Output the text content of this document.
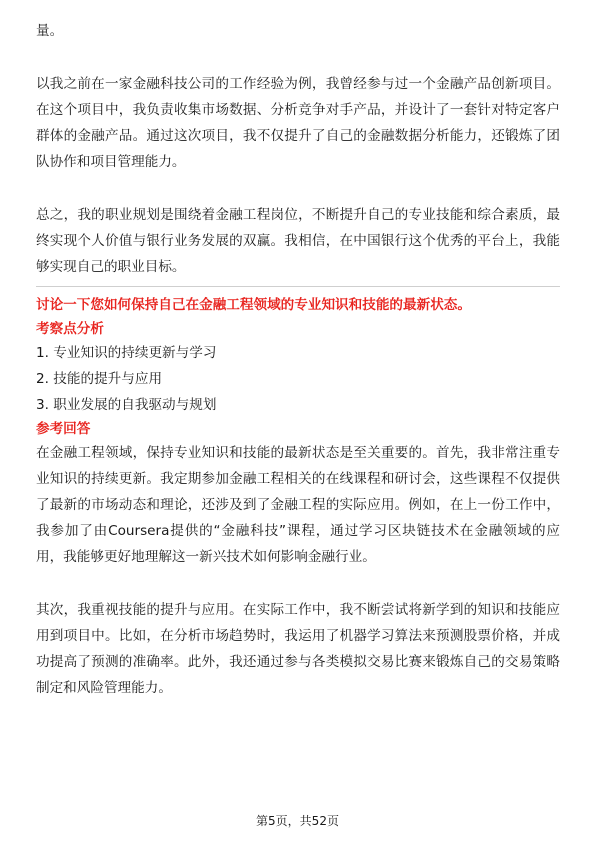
量。

以我之前在一家金融科技公司的工作经验为例，我曾经参与过一个金融产品创新项目。在这个项目中，我负责收集市场数据、分析竞争对手产品，并设计了一套针对特定客户群体的金融产品。通过这次项目，我不仅提升了自己的金融数据分析能力，还锻炼了团队协作和项目管理能力。

总之，我的职业规划是围绕着金融工程岗位，不断提升自己的专业技能和综合素质，最终实现个人价值与银行业务发展的双赢。我相信，在中国银行这个优秀的平台上，我能够实现自己的职业目标。

讨论一下您如何保持自己在金融工程领域的专业知识和技能的最新状态。

考察点分析

1. 专业知识的持续更新与学习
2. 技能的提升与应用
3. 职业发展的自我驱动与规划

参考回答

在金融工程领域，保持专业知识和技能的最新状态是至关重要的。首先，我非常注重专业知识的持续更新。我定期参加金融工程相关的在线课程和研讨会，这些课程不仅提供了最新的市场动态和理论，还涉及到了金融工程的实际应用。例如，在上一份工作中，我参加了由Coursera提供的“金融科技”课程，通过学习区块链技术在金融领域的应用，我能够更好地理解这一新兴技术如何影响金融行业。

其次，我重视技能的提升与应用。在实际工作中，我不断尝试将新学到的知识和技能应用到项目中。比如，在分析市场趋势时，我运用了机器学习算法来预测股票价格，并成功提高了预测的准确率。此外，我还通过参与各类模拟交易比赛来锻炼自己的交易策略制定和风险管理能力。

第5页，共52页
